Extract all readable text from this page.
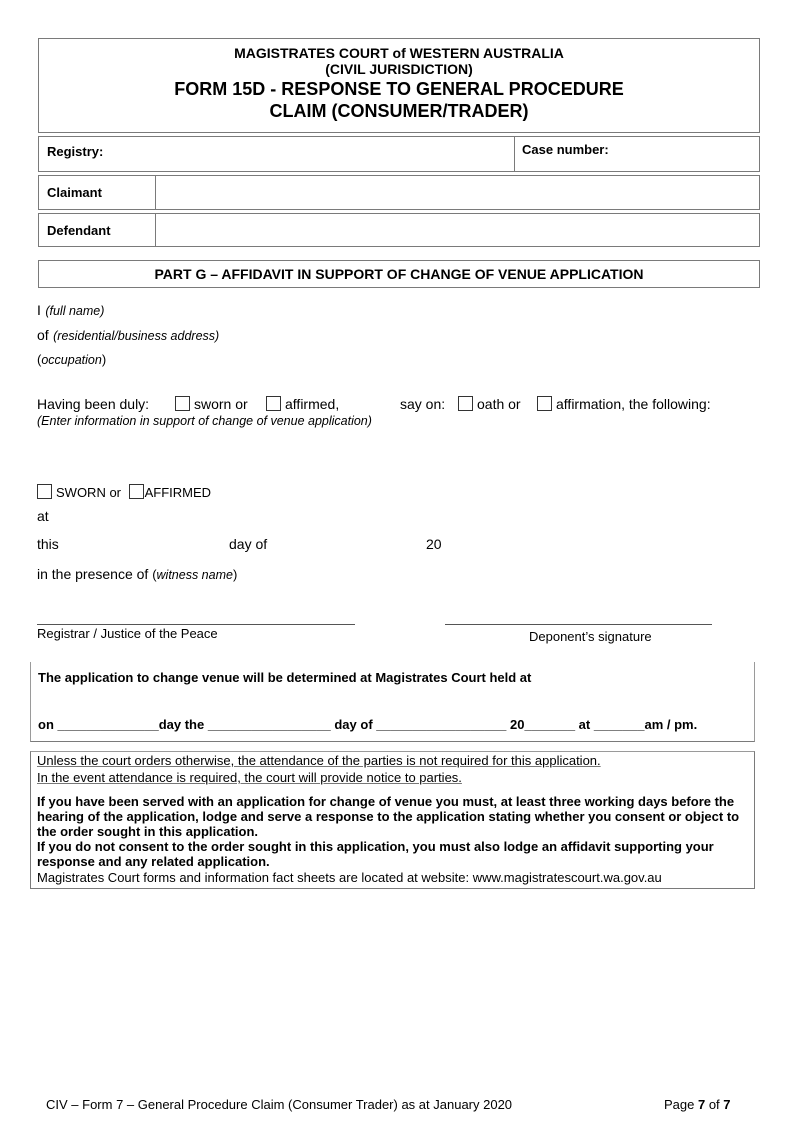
MAGISTRATES COURT of WESTERN AUSTRALIA
(CIVIL JURISDICTION)
FORM 15D - RESPONSE TO GENERAL PROCEDURE
CLAIM (CONSUMER/TRADER)
Registry:	Case number:
Claimant
Defendant
PART G – AFFIDAVIT IN SUPPORT OF CHANGE OF VENUE APPLICATION
I (full name)
of (residential/business address)
(occupation)
Having been duly:	sworn or	affirmed,	say on:	oath or	affirmation, the following:
(Enter information in support of change of venue application)
SWORN or AFFIRMED
at
this	day of	20
in the presence of (witness name)
Registrar / Justice of the Peace	Deponent’s signature
The application to change venue will be determined at Magistrates Court held at
on ______________day the _________________ day of __________________ 20_______ at _______am / pm.
Unless the court orders otherwise, the attendance of the parties is not required for this application.
In the event attendance is required, the court will provide notice to parties.
If you have been served with an application for change of venue you must, at least three working days before the hearing of the application, lodge and serve a response to the application stating whether you consent or object to the order sought in this application.
If you do not consent to the order sought in this application, you must also lodge an affidavit supporting your response and any related application.
Magistrates Court forms and information fact sheets are located at website: www.magistratescourt.wa.gov.au
CIV – Form 7 – General Procedure Claim (Consumer Trader) as at January 2020	Page 7 of 7
